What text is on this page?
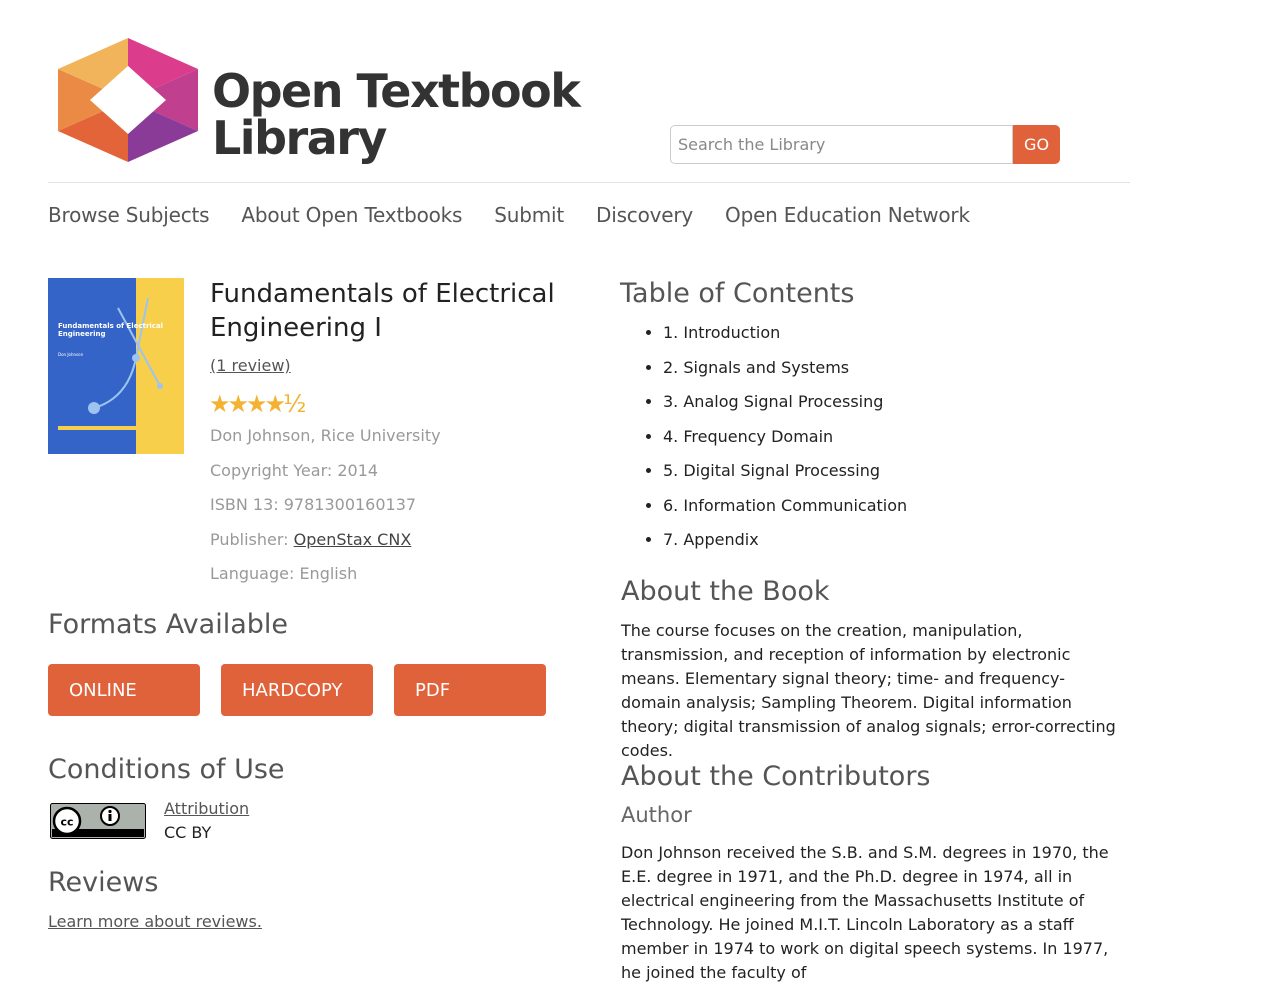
Open Textbook
Library
Search the Library	GO
Browse Subjects About Open Textbooks Submit Discovery Open Education Network
Fundamentals of Electrical Engineering
Don Johnson
Fundamentals of Electrical Engineering I
(1 review)
★★★★½
Don Johnson, Rice University
Copyright Year: 2014
ISBN 13: 9781300160137
Publisher: OpenStax CNX
Language: English
Formats Available
ONLINE	HARDCOPY	PDF
Conditions of Use
cc
Attribution
CC BY
Reviews
Learn more about reviews.
Table of Contents
• 1. Introduction
• 2. Signals and Systems
• 3. Analog Signal Processing
• 4. Frequency Domain
• 5. Digital Signal Processing
• 6. Information Communication
• 7. Appendix
About the Book

The course focuses on the creation, manipulation, transmission, and reception of information by electronic means. Elementary signal theory; time- and frequency-domain analysis; Sampling Theorem. Digital information theory; digital transmission of analog signals; error-correcting codes.

About the Contributors
Author

Don Johnson received the S.B. and S.M. degrees in 1970, the E.E. degree in 1971, and the Ph.D. degree in 1974, all in electrical engineering from the Massachusetts Institute of Technology. He joined M.I.T. Lincoln Laboratory as a staff member in 1974 to work on digital speech systems. In 1977, he joined the faculty of
